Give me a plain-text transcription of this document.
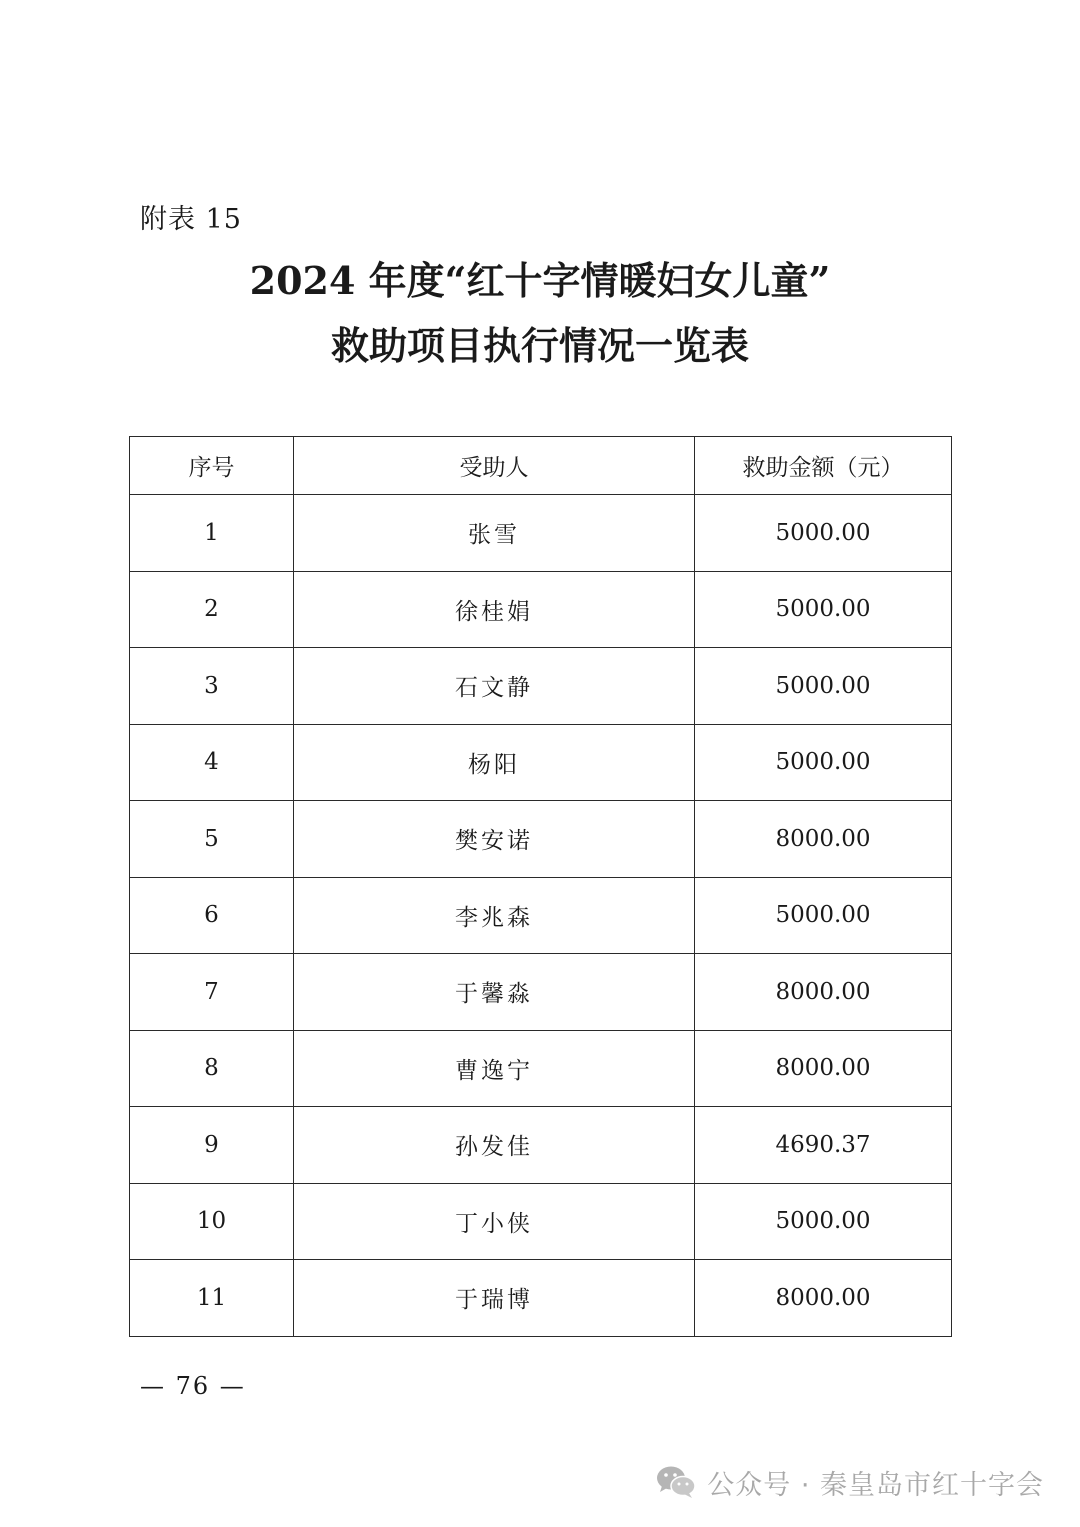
附表 15
2024 年度“红十字情暖妇女儿童”
救助项目执行情况一览表
序号	受助人	救助金额（元）
1	张雪	5000.00
2	徐桂娟	5000.00
3	石文静	5000.00
4	杨阳	5000.00
5	樊安诺	8000.00
6	李兆森	5000.00
7	于馨淼	8000.00
8	曹逸宁	8000.00
9	孙发佳	4690.37
10	丁小侠	5000.00
11	于瑞博	8000.00
— 76 —
公众号 · 秦皇岛市红十字会
